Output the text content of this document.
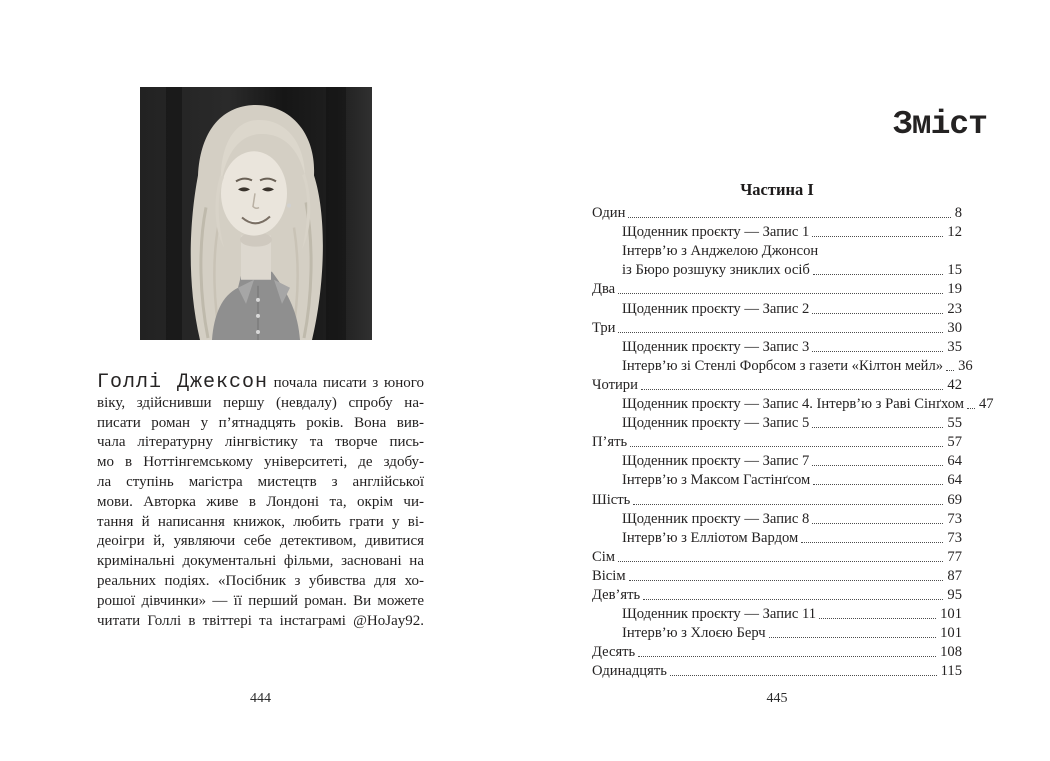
Голлі Джексон почала писати з юного
віку, здійснивши першу (невдалу) спробу на-
писати роман у п’ятнадцять років. Вона вив-
чала літературну лінгвістику та творче пись-
мо в Ноттінгемському університеті, де здобу-
ла ступінь магістра мистецтв з англійської
мови. Авторка живе в Лондоні та, окрім чи-
тання й написання книжок, любить грати у ві-
деоігри й, уявляючи себе детективом, дивитися
кримінальні документальні фільми, засновані на
реальних подіях. «Посібник з убивства для хо-
рошої дівчинки» — її перший роман. Ви можете
читати Голлі в твіттері та інстаграмі @HoJay92.
444
Зміст
Частина I
Один	8
Щоденник проєкту — Запис 1	12
Інтерв’ю з Анджелою Джонсон
із Бюро розшуку зниклих осіб	15
Два	19
Щоденник проєкту — Запис 2	23
Три	30
Щоденник проєкту — Запис 3	35
Інтерв’ю зі Стенлі Форбсом з газети «Кілтон мейл» 36
Чотири	42
Щоденник проєкту — Запис 4. Інтерв’ю з Раві Сінґхом 47
Щоденник проєкту — Запис 5	55
П’ять	57
Щоденник проєкту — Запис 7	64
Інтерв’ю з Максом Гастінґсом	64
Шість	69
Щоденник проєкту — Запис 8	73
Інтерв’ю з Елліотом Вардом	73
Сім	77
Вісім	87
Дев’ять	95
Щоденник проєкту — Запис 11	101
Інтерв’ю з Хлоєю Берч	101
Десять	108
Одинадцять	115
445
